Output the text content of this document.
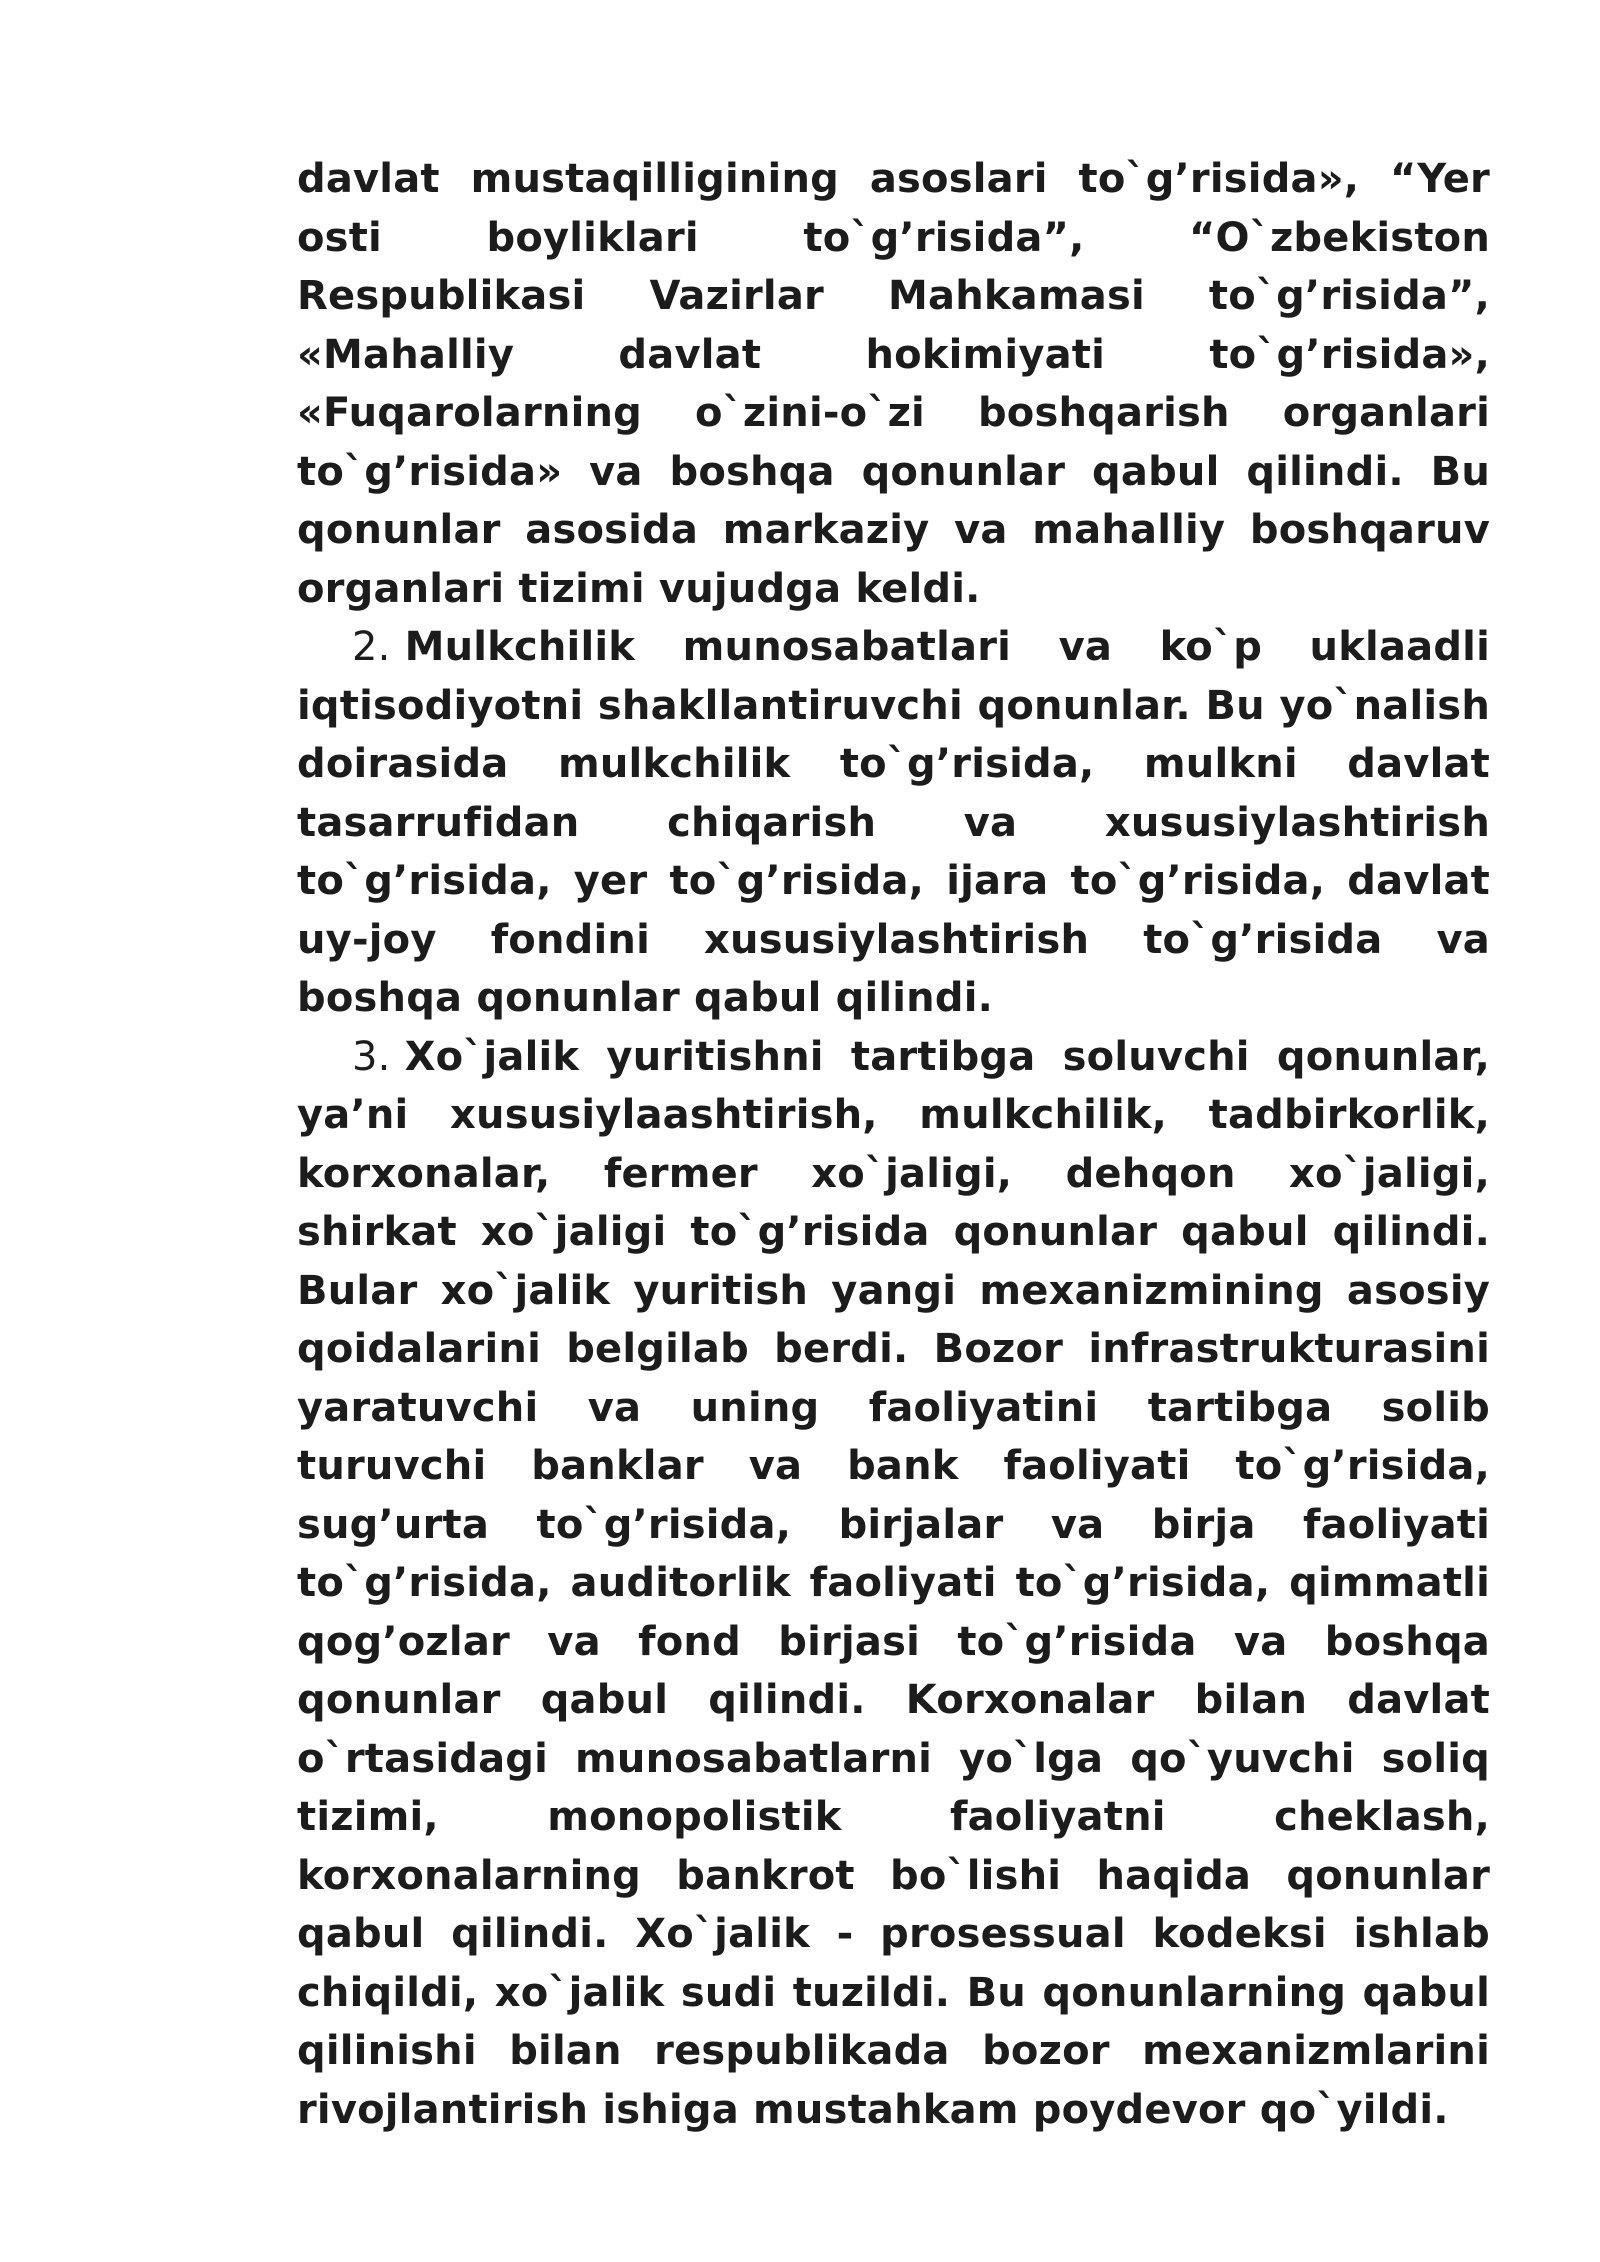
davlat mustaqilligining asoslari to`g’risida», “Yer osti boyliklari to`g’risida”, “O`zbekiston Respublikasi Vazirlar Mahkamasi to`g’risida”, «Mahalliy davlat hokimiyati to`g’risida», «Fuqarolarning o`zini-o`zi boshqarish organlari to`g’risida» va boshqa qonunlar qabul qilindi. Bu qonunlar asosida markaziy va mahalliy boshqaruv organlari tizimi vujudga keldi.

2. Mulkchilik munosabatlari va ko`p uklaadli iqtisodiyotni shakllantiruvchi qonunlar. Bu yo`nalish doirasida mulkchilik to`g’risida, mulkni davlat tasarrufidan chiqarish va xususiylashtirish to`g’risida, yer to`g’risida, ijara to`g’risida, davlat uy-joy fondini xususiylashtirish to`g’risida va boshqa qonunlar qabul qilindi.

3. Xo`jalik yuritishni tartibga soluvchi qonunlar, ya’ni xususiylaashtirish, mulkchilik, tadbirkorlik, korxonalar, fermer xo`jaligi, dehqon xo`jaligi, shirkat xo`jaligi to`g’risida qonunlar qabul qilindi. Bular xo`jalik yuritish yangi mexanizmining asosiy qoidalarini belgilab berdi. Bozor infrastrukturasini yaratuvchi va uning faoliyatini tartibga solib turuvchi banklar va bank faoliyati to`g’risida, sug’urta to`g’risida, birjalar va birja faoliyati to`g’risida, auditorlik faoliyati to`g’risida, qimmatli qog’ozlar va fond birjasi to`g’risida va boshqa qonunlar qabul qilindi. Korxonalar bilan davlat o`rtasidagi munosabatlarni yo`lga qo`yuvchi soliq tizimi, monopolistik faoliyatni cheklash, korxonalarning bankrot bo`lishi haqida qonunlar qabul qilindi. Xo`jalik - prosessual kodeksi ishlab chiqildi, xo`jalik sudi tuzildi. Bu qonunlarning qabul qilinishi bilan respublikada bozor mexanizmlarini rivojlantirish ishiga mustahkam poydevor qo`yildi.
